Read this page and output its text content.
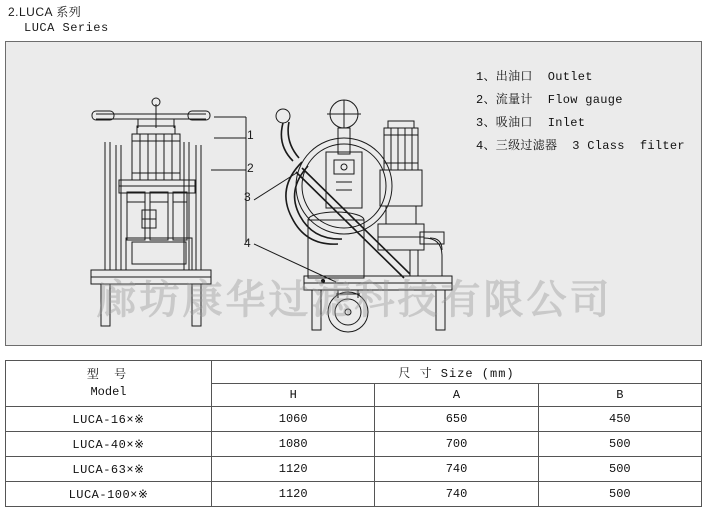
2.LUCA 系列
LUCA Series
1
2
3
4
1、出油口  Outlet
2、流量计  Flow gauge
3、吸油口  Inlet
4、三级过滤器  3 Class  filter
廊坊康华过滤科技有限公司
型 号
Model	尺 寸 Size (mm)		
	H	A	B
LUCA-16×※	1060	650	450
LUCA-40×※	1080	700	500
LUCA-63×※	1120	740	500
LUCA-100×※	1120	740	500
